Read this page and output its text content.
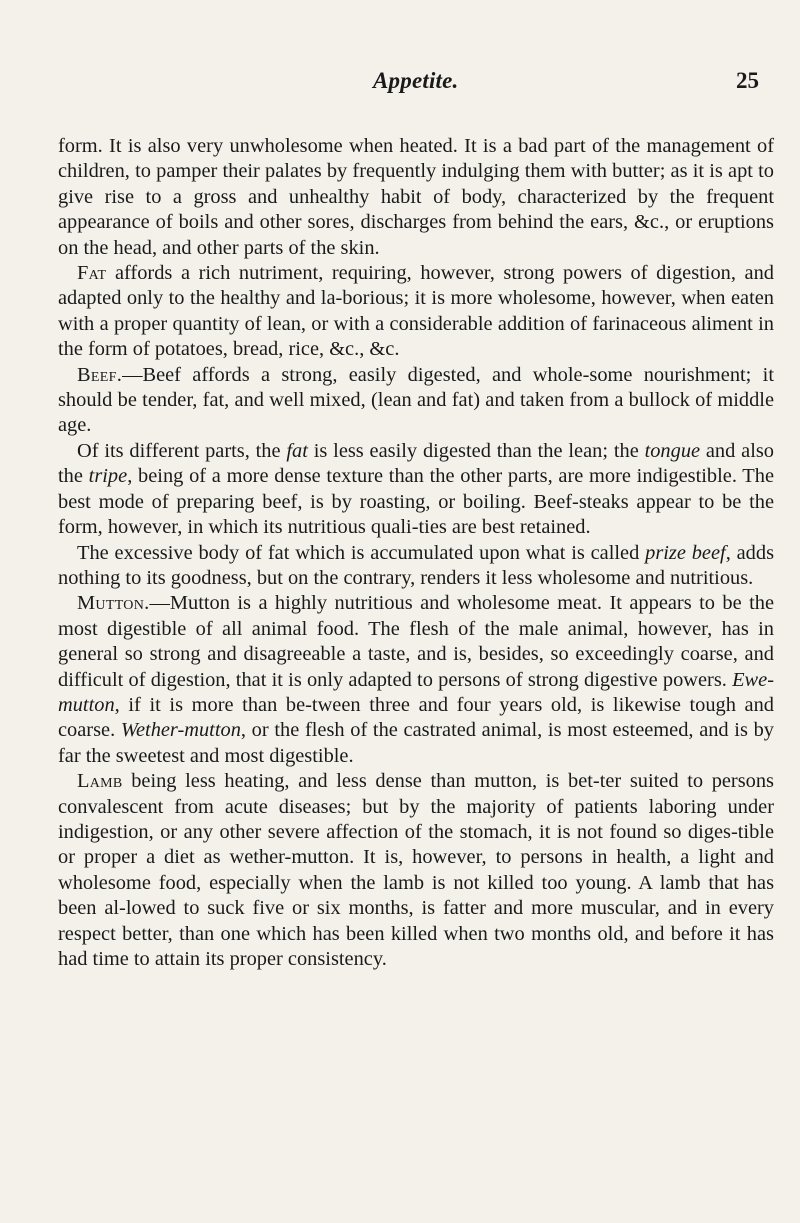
Appetite.	25

form. It is also very unwholesome when heated. It is a bad part of the management of children, to pamper their palates by frequently indulging them with butter; as it is apt to give rise to a gross and unhealthy habit of body, characterized by the frequent appearance of boils and other sores, discharges from behind the ears, &c., or eruptions on the head, and other parts of the skin.

Fat affords a rich nutriment, requiring, however, strong powers of digestion, and adapted only to the healthy and la-borious; it is more wholesome, however, when eaten with a proper quantity of lean, or with a considerable addition of farinaceous aliment in the form of potatoes, bread, rice, &c., &c.

Beef.—Beef affords a strong, easily digested, and whole-some nourishment; it should be tender, fat, and well mixed, (lean and fat) and taken from a bullock of middle age.

Of its different parts, the fat is less easily digested than the lean; the tongue and also the tripe, being of a more dense texture than the other parts, are more indigestible. The best mode of preparing beef, is by roasting, or boiling. Beef-steaks appear to be the form, however, in which its nutritious quali-ties are best retained.

The excessive body of fat which is accumulated upon what is called prize beef, adds nothing to its goodness, but on the contrary, renders it less wholesome and nutritious.

Mutton.—Mutton is a highly nutritious and wholesome meat. It appears to be the most digestible of all animal food. The flesh of the male animal, however, has in general so strong and disagreeable a taste, and is, besides, so exceedingly coarse, and difficult of digestion, that it is only adapted to persons of strong digestive powers. Ewe-mutton, if it is more than be-tween three and four years old, is likewise tough and coarse. Wether-mutton, or the flesh of the castrated animal, is most esteemed, and is by far the sweetest and most digestible.

Lamb being less heating, and less dense than mutton, is bet-ter suited to persons convalescent from acute diseases; but by the majority of patients laboring under indigestion, or any other severe affection of the stomach, it is not found so diges-tible or proper a diet as wether-mutton. It is, however, to persons in health, a light and wholesome food, especially when the lamb is not killed too young. A lamb that has been al-lowed to suck five or six months, is fatter and more muscular, and in every respect better, than one which has been killed when two months old, and before it has had time to attain its proper consistency.
